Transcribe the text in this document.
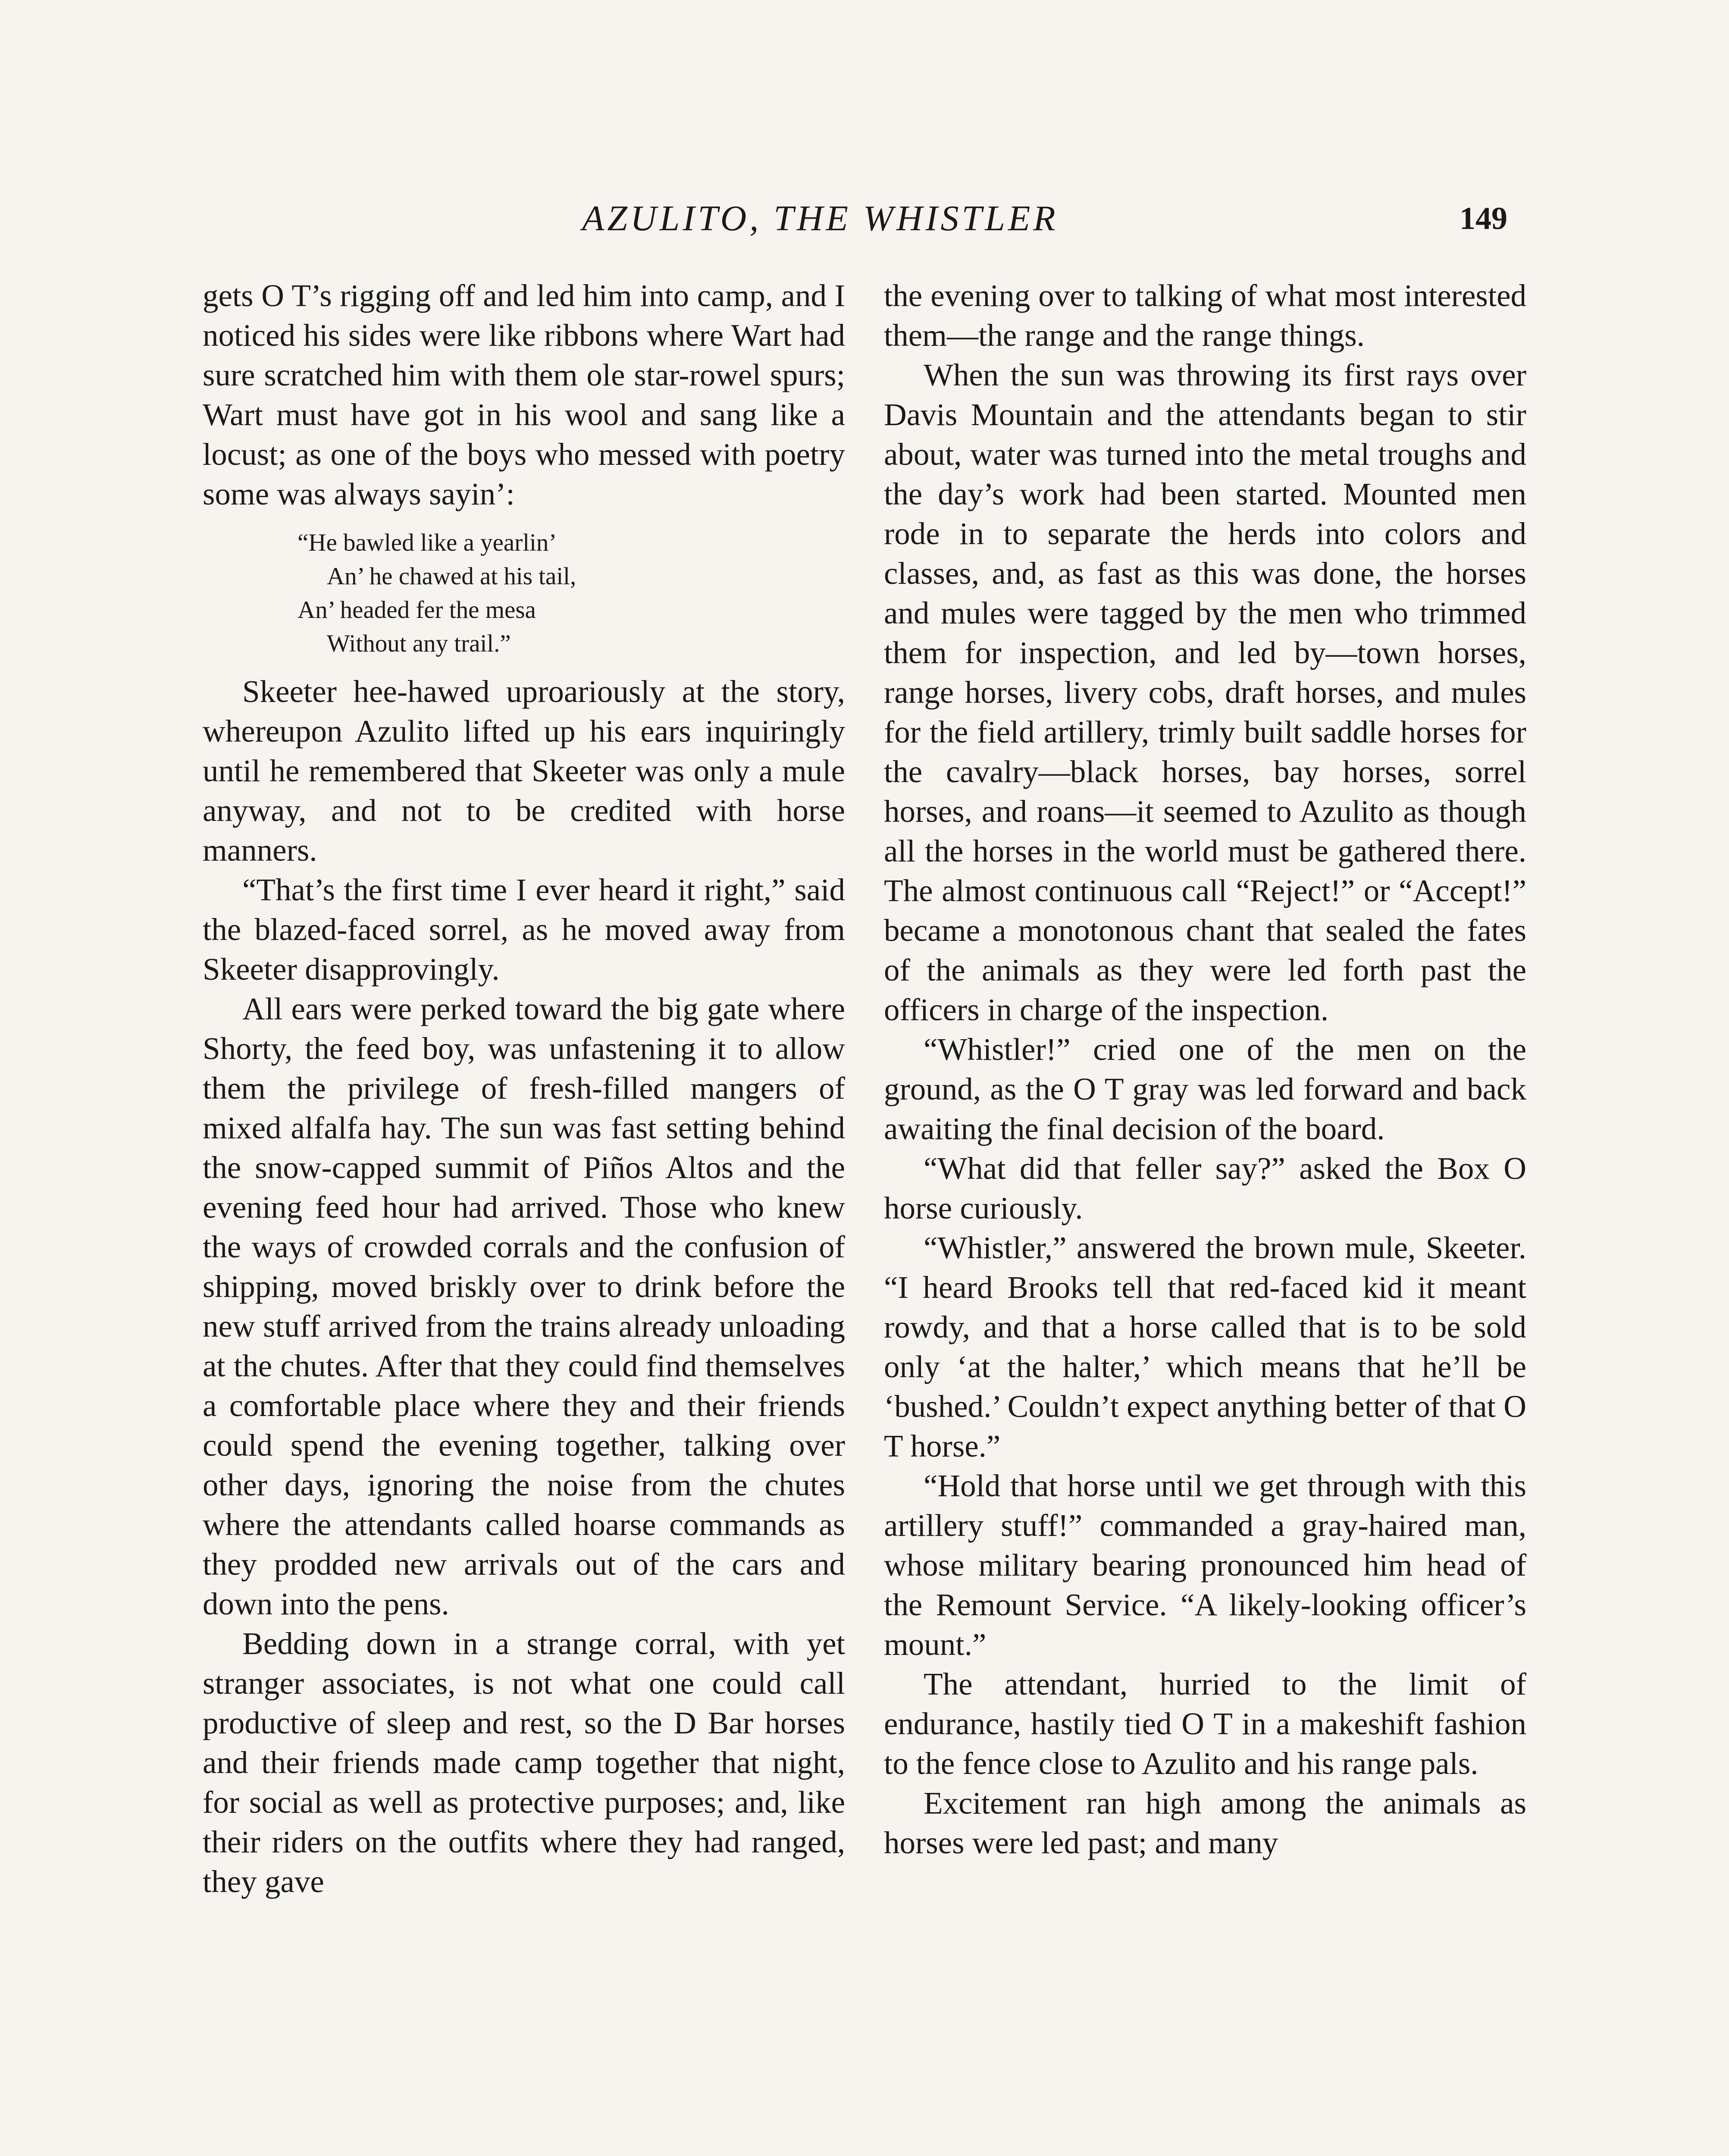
AZULITO, THE WHISTLER	149

gets O T’s rigging off and led him into camp, and I noticed his sides were like ribbons where Wart had sure scratched him with them ole star-rowel spurs; Wart must have got in his wool and sang like a locust; as one of the boys who messed with poetry some was always sayin’:

“He bawled like a yearlin’
An’ he chawed at his tail,
An’ headed fer the mesa
Without any trail.”

Skeeter hee-hawed uproariously at the story, whereupon Azulito lifted up his ears inquiringly until he remembered that Skeeter was only a mule anyway, and not to be credited with horse manners.

“That’s the first time I ever heard it right,” said the blazed-faced sorrel, as he moved away from Skeeter disapprovingly.

All ears were perked toward the big gate where Shorty, the feed boy, was unfastening it to allow them the privilege of fresh-filled mangers of mixed alfalfa hay. The sun was fast setting behind the snow-capped summit of Piños Altos and the evening feed hour had arrived. Those who knew the ways of crowded corrals and the confusion of shipping, moved briskly over to drink before the new stuff arrived from the trains already unloading at the chutes. After that they could find themselves a comfortable place where they and their friends could spend the evening together, talking over other days, ignoring the noise from the chutes where the attendants called hoarse commands as they prodded new arrivals out of the cars and down into the pens.

Bedding down in a strange corral, with yet stranger associates, is not what one could call productive of sleep and rest, so the D Bar horses and their friends made camp together that night, for social as well as protective purposes; and, like their riders on the outfits where they had ranged, they gave

the evening over to talking of what most interested them—the range and the range things.

When the sun was throwing its first rays over Davis Mountain and the attendants began to stir about, water was turned into the metal troughs and the day’s work had been started. Mounted men rode in to separate the herds into colors and classes, and, as fast as this was done, the horses and mules were tagged by the men who trimmed them for inspection, and led by—town horses, range horses, livery cobs, draft horses, and mules for the field artillery, trimly built saddle horses for the cavalry—black horses, bay horses, sorrel horses, and roans—it seemed to Azulito as though all the horses in the world must be gathered there. The almost continuous call “Reject!” or “Accept!” became a monotonous chant that sealed the fates of the animals as they were led forth past the officers in charge of the inspection.

“Whistler!” cried one of the men on the ground, as the O T gray was led forward and back awaiting the final decision of the board.

“What did that feller say?” asked the Box O horse curiously.

“Whistler,” answered the brown mule, Skeeter. “I heard Brooks tell that red-faced kid it meant rowdy, and that a horse called that is to be sold only ‘at the halter,’ which means that he’ll be ‘bushed.’ Couldn’t expect anything better of that O T horse.”

“Hold that horse until we get through with this artillery stuff!” commanded a gray-haired man, whose military bearing pronounced him head of the Remount Service. “A likely-looking officer’s mount.”

The attendant, hurried to the limit of endurance, hastily tied O T in a makeshift fashion to the fence close to Azulito and his range pals.

Excitement ran high among the animals as horses were led past; and many
